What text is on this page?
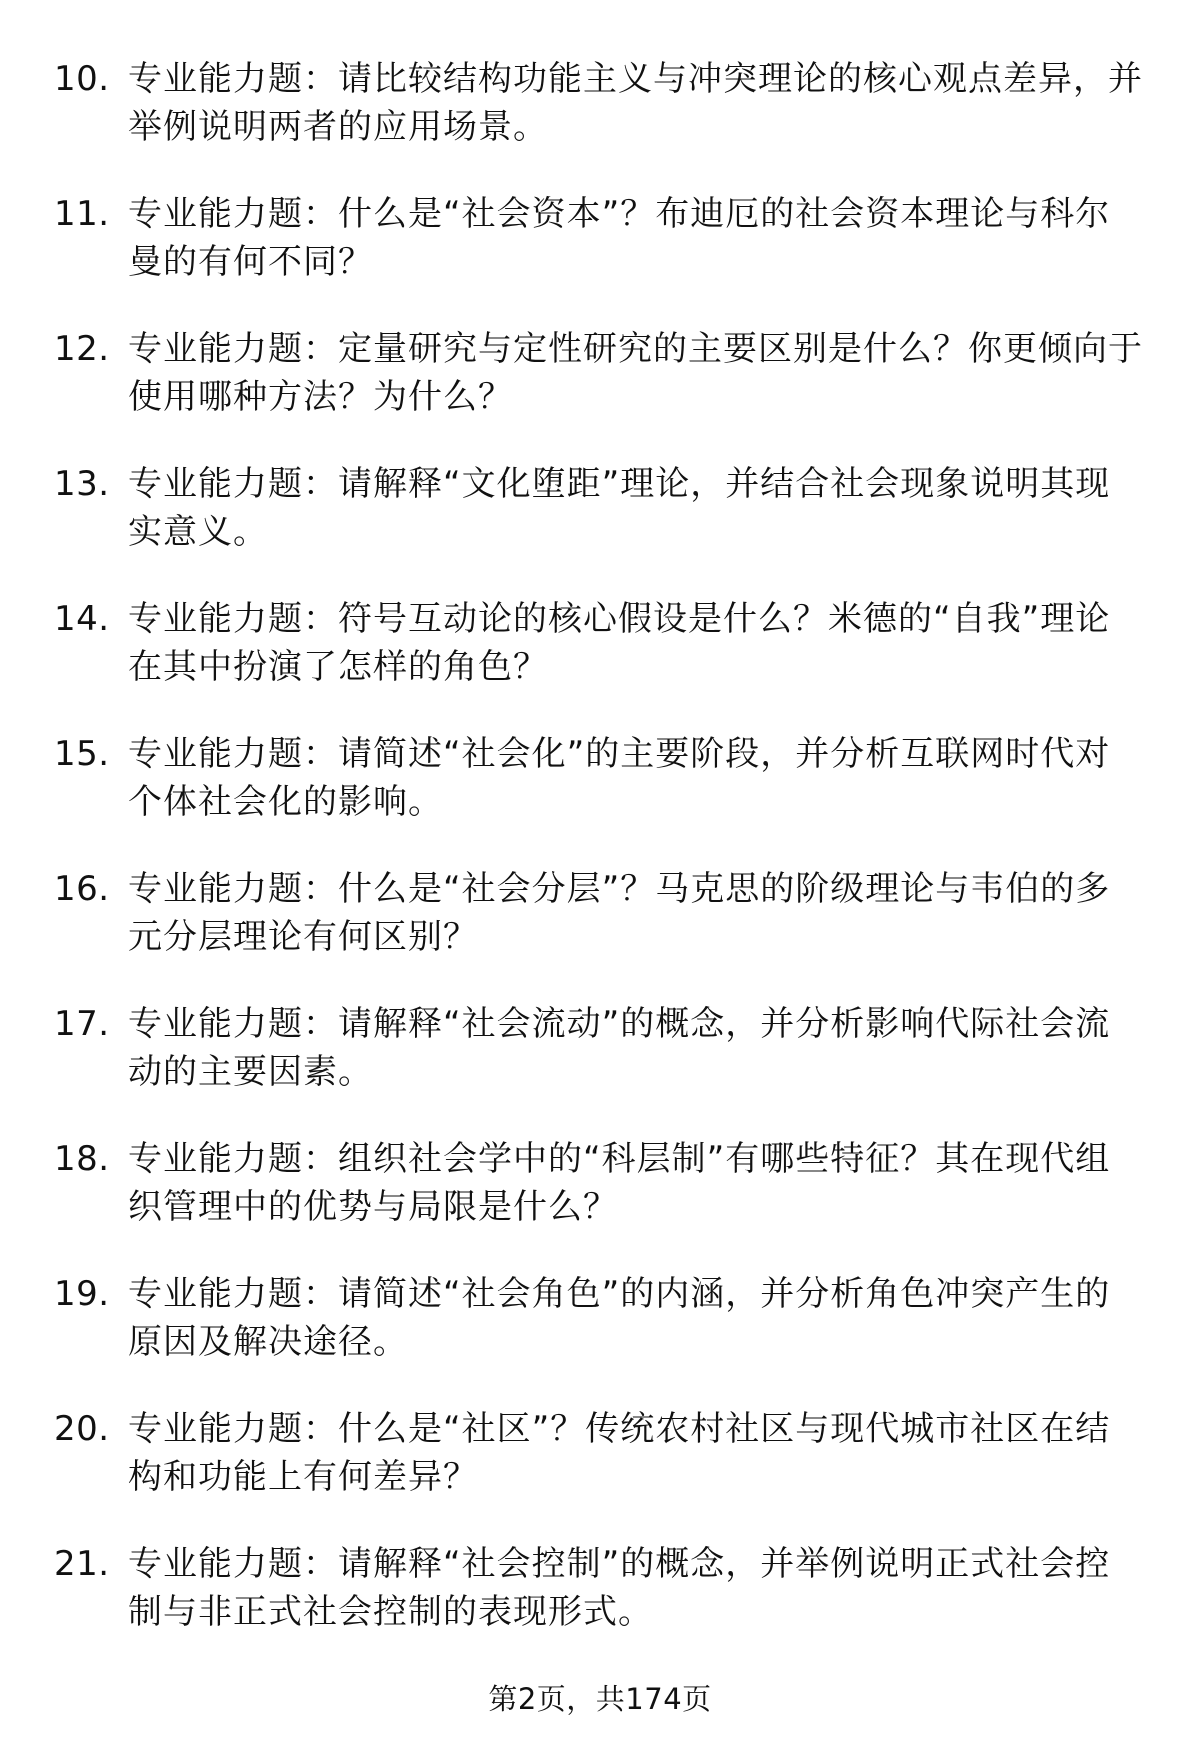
10. 专业能力题：请比较结构功能主义与冲突理论的核心观点差异，并举例说明两者的应用场景。
11. 专业能力题：什么是“社会资本”？布迪厄的社会资本理论与科尔曼的有何不同？
12. 专业能力题：定量研究与定性研究的主要区别是什么？你更倾向于使用哪种方法？为什么？
13. 专业能力题：请解释“文化堕距”理论，并结合社会现象说明其现实意义。
14. 专业能力题：符号互动论的核心假设是什么？米德的“自我”理论在其中扮演了怎样的角色？
15. 专业能力题：请简述“社会化”的主要阶段，并分析互联网时代对个体社会化的影响。
16. 专业能力题：什么是“社会分层”？马克思的阶级理论与韦伯的多元分层理论有何区别？
17. 专业能力题：请解释“社会流动”的概念，并分析影响代际社会流动的主要因素。
18. 专业能力题：组织社会学中的“科层制”有哪些特征？其在现代组织管理中的优势与局限是什么？
19. 专业能力题：请简述“社会角色”的内涵，并分析角色冲突产生的原因及解决途径。
20. 专业能力题：什么是“社区”？传统农村社区与现代城市社区在结构和功能上有何差异？
21. 专业能力题：请解释“社会控制”的概念，并举例说明正式社会控制与非正式社会控制的表现形式。
第2页，共174页
